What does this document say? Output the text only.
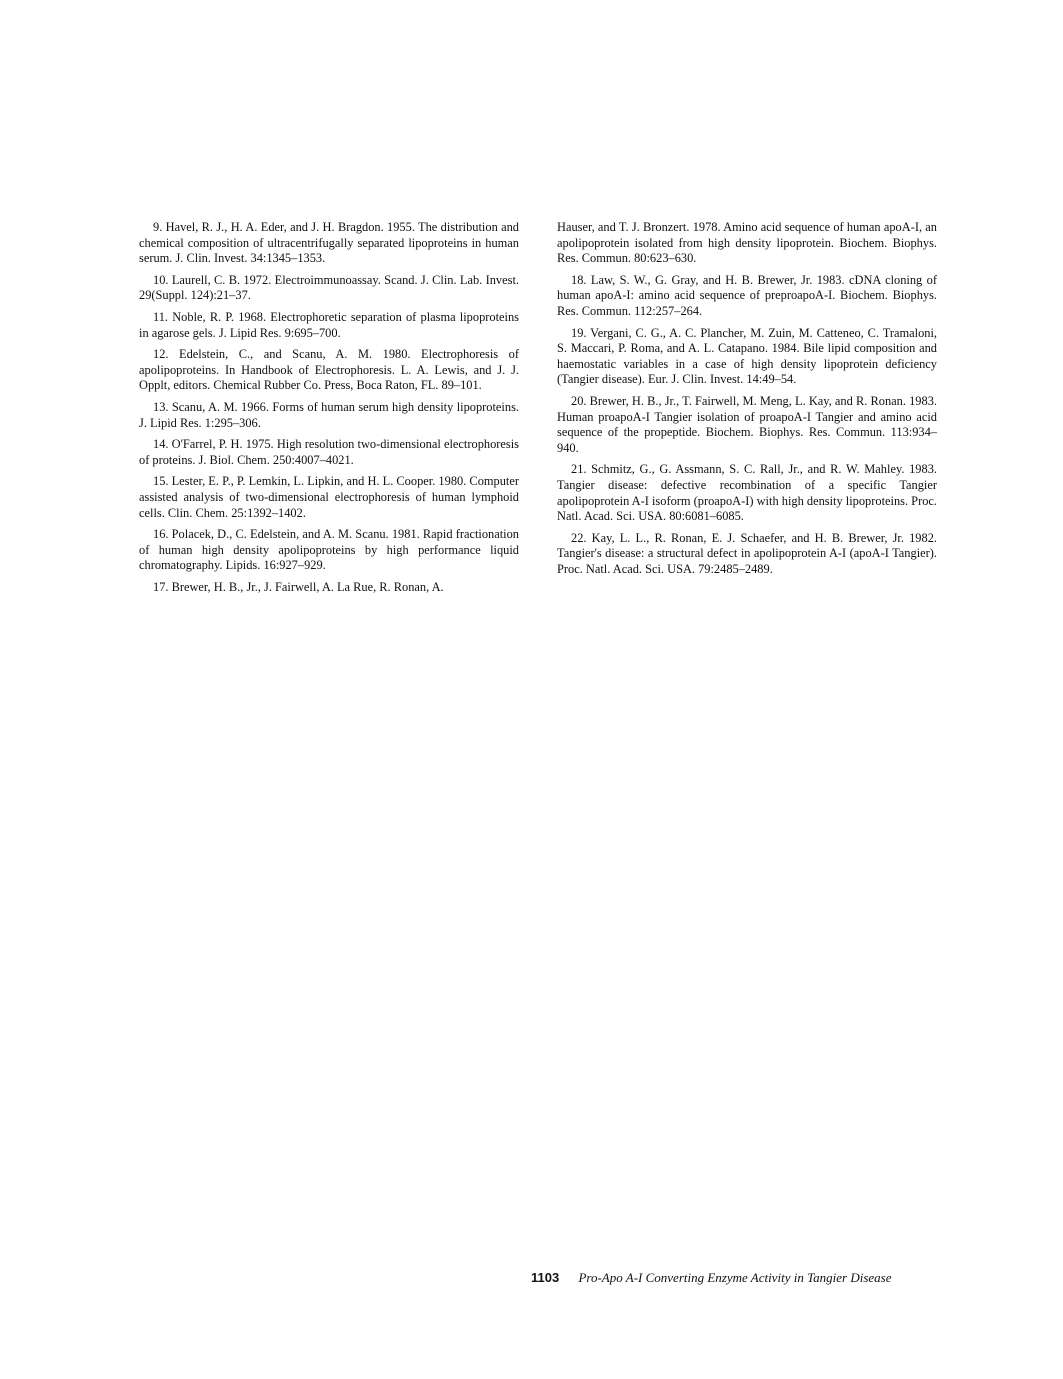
9. Havel, R. J., H. A. Eder, and J. H. Bragdon. 1955. The distribution and chemical composition of ultracentrifugally separated lipoproteins in human serum. J. Clin. Invest. 34:1345–1353.

10. Laurell, C. B. 1972. Electroimmunoassay. Scand. J. Clin. Lab. Invest. 29(Suppl. 124):21–37.

11. Noble, R. P. 1968. Electrophoretic separation of plasma lipoproteins in agarose gels. J. Lipid Res. 9:695–700.

12. Edelstein, C., and Scanu, A. M. 1980. Electrophoresis of apolipoproteins. In Handbook of Electrophoresis. L. A. Lewis, and J. J. Opplt, editors. Chemical Rubber Co. Press, Boca Raton, FL. 89–101.

13. Scanu, A. M. 1966. Forms of human serum high density lipoproteins. J. Lipid Res. 1:295–306.

14. O'Farrel, P. H. 1975. High resolution two-dimensional electrophoresis of proteins. J. Biol. Chem. 250:4007–4021.

15. Lester, E. P., P. Lemkin, L. Lipkin, and H. L. Cooper. 1980. Computer assisted analysis of two-dimensional electrophoresis of human lymphoid cells. Clin. Chem. 25:1392–1402.

16. Polacek, D., C. Edelstein, and A. M. Scanu. 1981. Rapid fractionation of human high density apolipoproteins by high performance liquid chromatography. Lipids. 16:927–929.

17. Brewer, H. B., Jr., J. Fairwell, A. La Rue, R. Ronan, A.

Hauser, and T. J. Bronzert. 1978. Amino acid sequence of human apoA-I, an apolipoprotein isolated from high density lipoprotein. Biochem. Biophys. Res. Commun. 80:623–630.

18. Law, S. W., G. Gray, and H. B. Brewer, Jr. 1983. cDNA cloning of human apoA-I: amino acid sequence of preproapoA-I. Biochem. Biophys. Res. Commun. 112:257–264.

19. Vergani, C. G., A. C. Plancher, M. Zuin, M. Catteneo, C. Tramaloni, S. Maccari, P. Roma, and A. L. Catapano. 1984. Bile lipid composition and haemostatic variables in a case of high density lipoprotein deficiency (Tangier disease). Eur. J. Clin. Invest. 14:49–54.

20. Brewer, H. B., Jr., T. Fairwell, M. Meng, L. Kay, and R. Ronan. 1983. Human proapoA-I Tangier isolation of proapoA-I Tangier and amino acid sequence of the propeptide. Biochem. Biophys. Res. Commun. 113:934–940.

21. Schmitz, G., G. Assmann, S. C. Rall, Jr., and R. W. Mahley. 1983. Tangier disease: defective recombination of a specific Tangier apolipoprotein A-I isoform (proapoA-I) with high density lipoproteins. Proc. Natl. Acad. Sci. USA. 80:6081–6085.

22. Kay, L. L., R. Ronan, E. J. Schaefer, and H. B. Brewer, Jr. 1982. Tangier's disease: a structural defect in apolipoprotein A-I (apoA-I Tangier). Proc. Natl. Acad. Sci. USA. 79:2485–2489.

1103 Pro-Apo A-I Converting Enzyme Activity in Tangier Disease
